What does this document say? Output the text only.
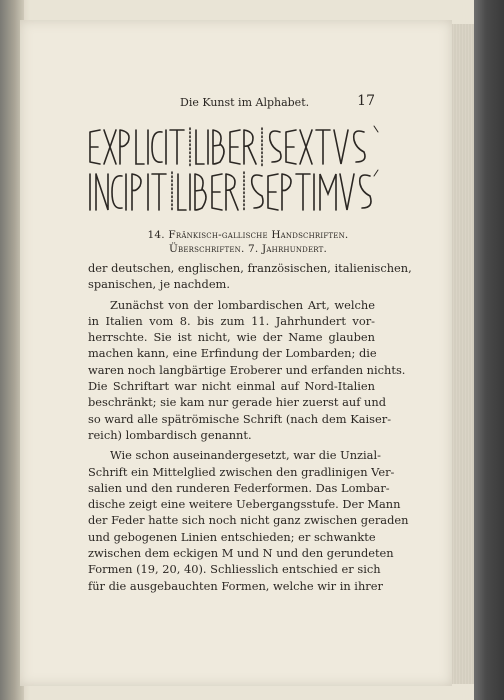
Die Kunst im Alphabet.	17
14. Fränkisch-gallische Handschriften.
Überschriften. 7. Jahrhundert.
der deutschen, englischen, französischen, italienischen,
spanischen, je nachdem.
Zunächst von der lombardischen Art, welche
in Italien vom 8. bis zum 11. Jahrhundert vor-
herrschte. Sie ist nicht, wie der Name glauben
machen kann, eine Erfindung der Lombarden; die
waren noch langbärtige Eroberer und erfanden nichts.
Die Schriftart war nicht einmal auf Nord-Italien
beschränkt; sie kam nur gerade hier zuerst auf und
so ward alle spätrömische Schrift (nach dem Kaiser-
reich) lombardisch genannt.
Wie schon auseinandergesetzt, war die Unzial-
Schrift ein Mittelglied zwischen den gradlinigen Ver-
salien und den runderen Federformen. Das Lombar-
dische zeigt eine weitere Uebergangsstufe. Der Mann
der Feder hatte sich noch nicht ganz zwischen geraden
und gebogenen Linien entschieden; er schwankte
zwischen dem eckigen M und N und den gerundeten
Formen (19, 20, 40). Schliesslich entschied er sich
für die ausgebauchten Formen, welche wir in ihrer
